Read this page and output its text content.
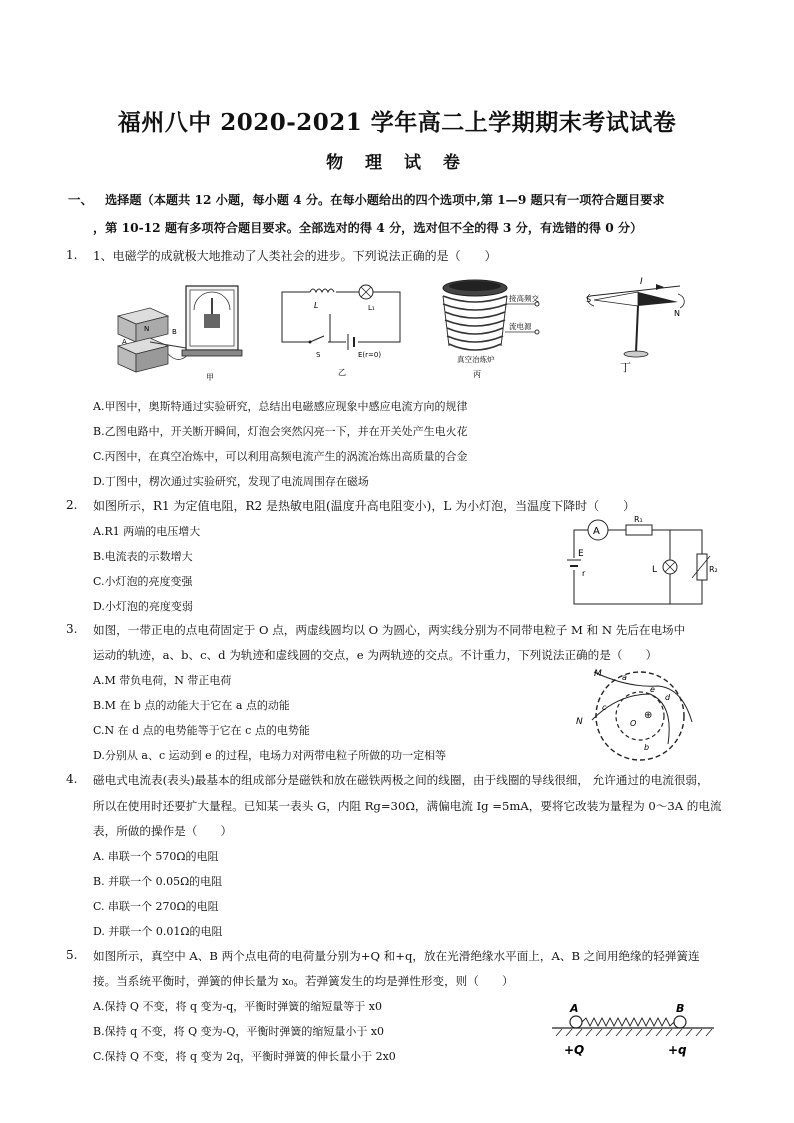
福州八中 2020-2021 学年高二上学期期末考试试卷
物 理 试 卷
一、 选择题（本题共 12 小题，每小题 4 分。在每小题给出的四个选项中,第 1—9 题只有一项符合题目要求
，第 10-12 题有多项符合题目要求。全部选对的得 4 分，选对但不全的得 3 分，有选错的得 0 分）
1. 1、电磁学的成就极大地推动了人类社会的进步。下列说法正确的是（　　）
N	B
A
甲
L	L₁
S	E(r=0)
乙
接高频交
流电源
真空冶炼炉
丙
I
S
N
丁
A.甲图中，奥斯特通过实验研究，总结出电磁感应现象中感应电流方向的规律
B.乙图电路中，开关断开瞬间，灯泡会突然闪亮一下，并在开关处产生电火花
C.丙图中，在真空冶炼中，可以利用高频电流产生的涡流冶炼出高质量的合金
D.丁图中，楞次通过实验研究，发现了电流周围存在磁场
2. 如图所示，R1 为定值电阻，R2 是热敏电阻(温度升高电阻变小)，L 为小灯泡，当温度下降时（　　）
A
R₁
L	R₂
E
r
A.R1 两端的电压增大
B.电流表的示数增大
C.小灯泡的亮度变强
D.小灯泡的亮度变弱
3. 如图，一带正电的点电荷固定于 O 点，两虚线圆均以 O 为圆心，两实线分别为不同带电粒子 M 和 N 先后在电场中
运动的轨迹，a、b、c、d 为轨迹和虚线圆的交点，e 为两轨迹的交点。不计重力，下列说法正确的是（　　）
M	a
e
d
c
N	O
⊕
b
A.M 带负电荷，N 带正电荷
B.M 在 b 点的动能大于它在 a 点的动能
C.N 在 d 点的电势能等于它在 c 点的电势能
D.分别从 a、c 运动到 e 的过程，电场力对两带电粒子所做的功一定相等
4. 磁电式电流表(表头)最基本的组成部分是磁铁和放在磁铁两极之间的线圈，由于线圈的导线很细， 允许通过的电流很弱，
所以在使用时还要扩大量程。已知某一表头 G，内阻 Rg=30Ω，满偏电流 Ig =5mA，要将它改装为量程为 0～3A 的电流
表，所做的操作是（　　）
A. 串联一个 570Ω的电阻
B. 并联一个 0.05Ω的电阻
C. 串联一个 270Ω的电阻
D. 并联一个 0.01Ω的电阻
5. 如图所示，真空中 A、B 两个点电荷的电荷量分别为+Q 和+q，放在光滑绝缘水平面上，A、B 之间用绝缘的轻弹簧连
接。当系统平衡时，弹簧的伸长量为 x₀。若弹簧发生的均是弹性形变，则（　　）
A.保持 Q 不变，将 q 变为-q，平衡时弹簧的缩短量等于 x0
B.保持 q 不变，将 Q 变为-Q，平衡时弹簧的缩短量小于 x0
C.保持 Q 不变，将 q 变为 2q，平衡时弹簧的伸长量小于 2x0
A	B
+Q	+q
